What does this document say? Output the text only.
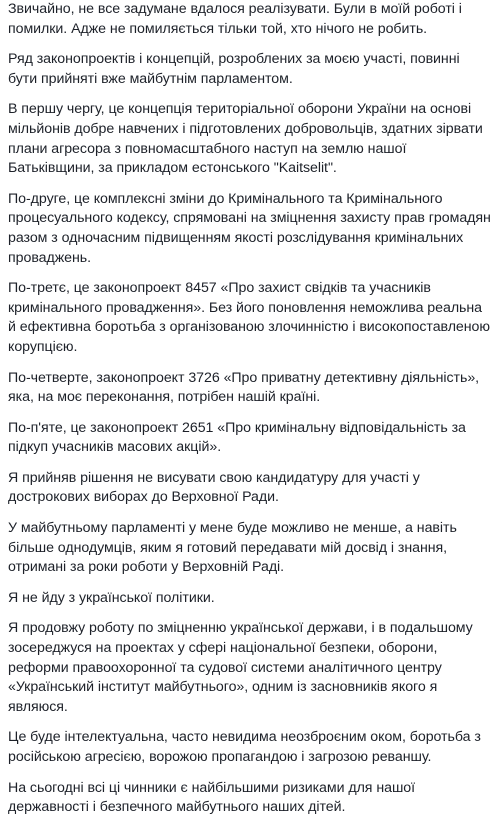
Звичайно, не все задумане вдалося реалізувати. Були в моїй роботі і помилки. Адже не помиляється тільки той, хто нічого не робить.

Ряд законопроектів і концепцій, розроблених за моєю участі, повинні бути прийняті вже майбутнім парламентом.

В першу чергу, це концепція територіальної оборони України на основі мільйонів добре навчених і підготовлених добровольців, здатних зірвати плани агресора з повномасштабного наступ на землю нашої Батьківщини, за прикладом естонського "Kaitselit".

По-друге, це комплексні зміни до Кримінального та Кримінального процесуального кодексу, спрямовані на зміцнення захисту прав громадян разом з одночасним підвищенням якості розслідування кримінальних проваджень.

По-третє, це законопроект 8457 «Про захист свідків та учасників кримінального провадження». Без його поновлення неможлива реальна й ефективна боротьба з організованою злочинністю і високопоставленою корупцією.

По-четверте, законопроект 3726 «Про приватну детективну діяльність», яка, на моє переконання, потрібен нашій країні.

По-п'яте, це законопроект 2651 «Про кримінальну відповідальність за підкуп учасників масових акцій».

Я прийняв рішення не висувати свою кандидатуру для участі у дострокових виборах до Верховної Ради.

У майбутньому парламенті у мене буде можливо не менше, а навіть більше однодумців, яким я готовий передавати мій досвід і знання, отримані за роки роботи у Верховній Раді.

Я не йду з української політики.

Я продовжу роботу по зміцненню української держави, і в подальшому зосереджуся на проектах у сфері національної безпеки, оборони, реформи правоохоронної та судової системи аналітичного центру «Український інститут майбутнього», одним із засновників якого я являюся.

Це буде інтелектуальна, часто невидима неозброєним оком, боротьба з російською агресією, ворожою пропагандою і загрозою реваншу.

На сьогодні всі ці чинники є найбільшими ризиками для нашої державності і безпечного майбутнього наших дітей.
